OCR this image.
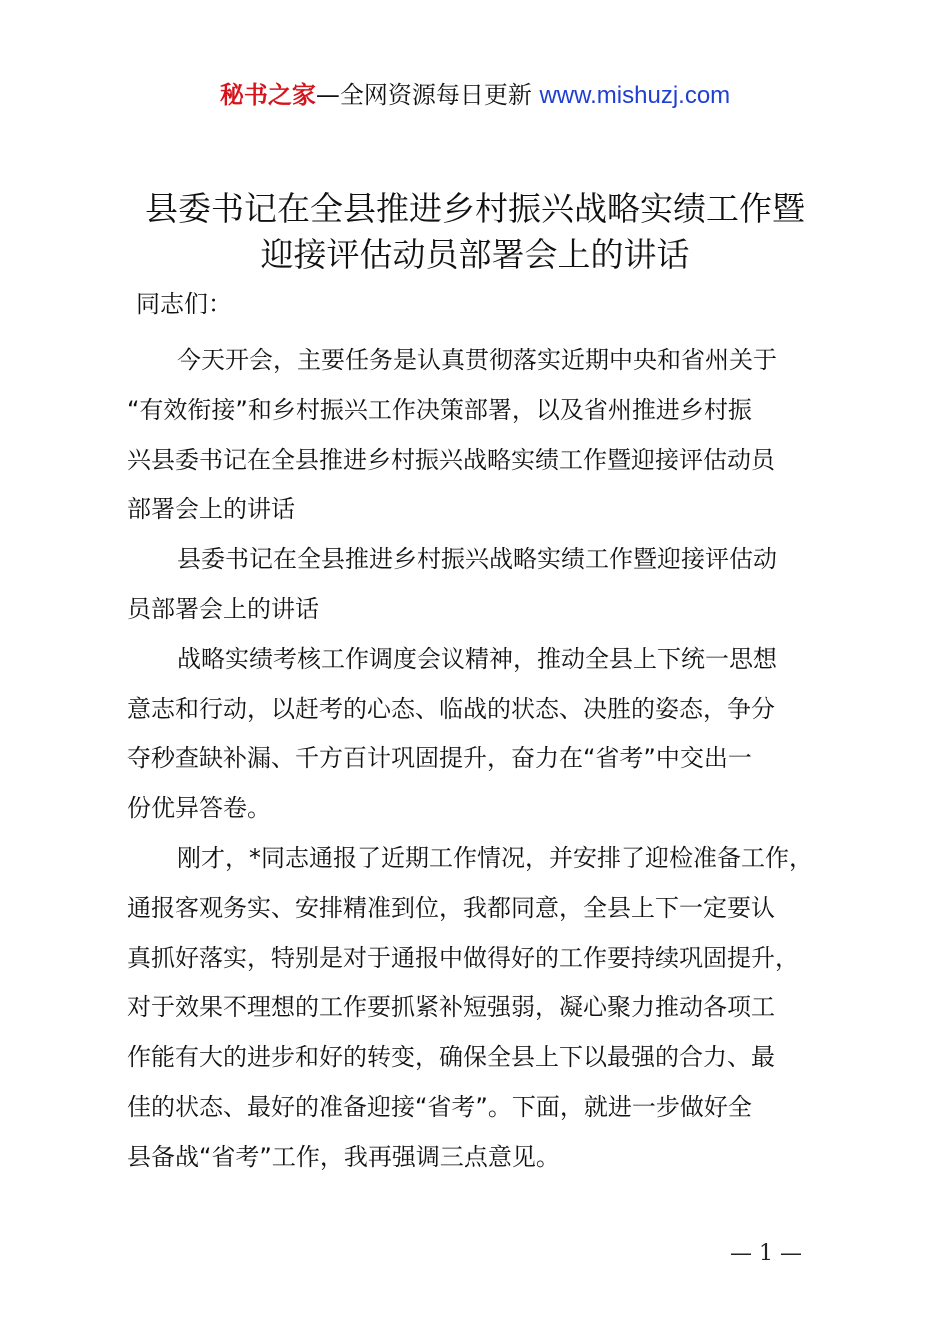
秘书之家—全网资源每日更新 www.mishuzj.com
县委书记在全县推进乡村振兴战略实绩工作暨
迎接评估动员部署会上的讲话
同志们：

今天开会，主要任务是认真贯彻落实近期中央和省州关于
“有效衔接”和乡村振兴工作决策部署，以及省州推进乡村振
兴县委书记在全县推进乡村振兴战略实绩工作暨迎接评估动员
部署会上的讲话

县委书记在全县推进乡村振兴战略实绩工作暨迎接评估动
员部署会上的讲话

战略实绩考核工作调度会议精神，推动全县上下统一思想
意志和行动，以赶考的心态、临战的状态、决胜的姿态，争分
夺秒查缺补漏、千方百计巩固提升，奋力在“省考”中交出一
份优异答卷。

刚才，*同志通报了近期工作情况，并安排了迎检准备工作，
通报客观务实、安排精准到位，我都同意，全县上下一定要认
真抓好落实，特别是对于通报中做得好的工作要持续巩固提升，
对于效果不理想的工作要抓紧补短强弱，凝心聚力推动各项工
作能有大的进步和好的转变，确保全县上下以最强的合力、最
佳的状态、最好的准备迎接“省考”。下面，就进一步做好全
县备战“省考”工作，我再强调三点意见。

— 1 —
